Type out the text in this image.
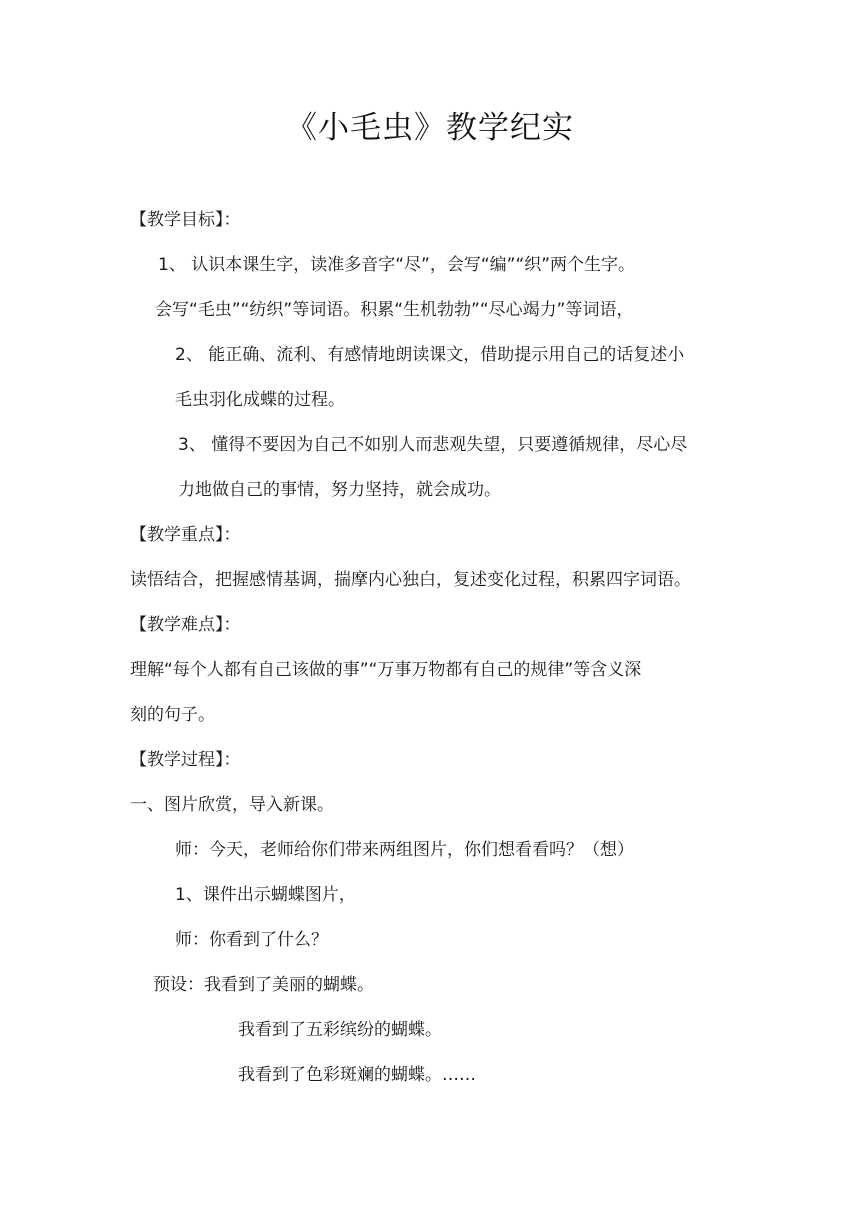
《小毛虫》教学纪实
【教学目标】：
1、 认识本课生字，读准多音字“尽”，会写“编”“织”两个生字。
会写“毛虫”“纺织”等词语。积累“生机勃勃”“尽心竭力”等词语，
2、 能正确、流利、有感情地朗读课文，借助提示用自己的话复述小
毛虫羽化成蝶的过程。
3、 懂得不要因为自己不如别人而悲观失望，只要遵循规律，尽心尽
力地做自己的事情，努力坚持，就会成功。
【教学重点】：
读悟结合，把握感情基调，揣摩内心独白，复述变化过程，积累四字词语。
【教学难点】：
理解“每个人都有自己该做的事”“万事万物都有自己的规律”等含义深
刻的句子。
【教学过程】：
一、图片欣赏，导入新课。
师：今天，老师给你们带来两组图片，你们想看看吗？（想）
1、课件出示蝴蝶图片，
师：你看到了什么？
预设：我看到了美丽的蝴蝶。
我看到了五彩缤纷的蝴蝶。
我看到了色彩斑斓的蝴蝶。……
